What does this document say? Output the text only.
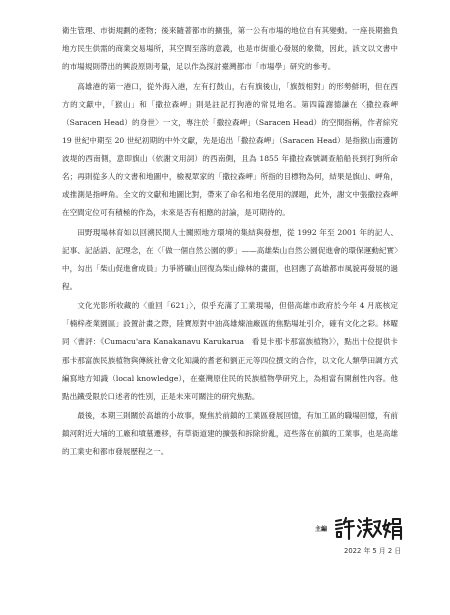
衛生管理、市街規劃的產物；後來隨著都市的擴張，第一公有市場的地位自有其變動。一座長期擔負地方民生供需的商業交易場所，其空間至落的意義，也是市街重心發展的象徵，因此，該文以文書中的市場規則帶出的興設原則考量，足以作為探討臺灣都市「市場學」研究的參考。

高雄港的第一港口，從外海入港，左有打鼓山，右有旗後山，「旗鼓相對」的形勢鮮明，但在西方的文獻中，「猴山」和「撒拉森岬」則是註記打狗港的常見地名。第四篇謝德謙在〈撒拉森岬（Saracen Head）的身世〉一文，專注於「撒拉森岬」（Saracen Head）的空間指稱，作者綜究 19 世紀中期至 20 世紀初期的中外文獻，先是追出「撒拉森岬」（Saracen Head）是指猴山南邊防波堤的西南側，意即旗山（依謝文用詞）的西南側，且為 1855 年撒拉森號調查船船長到打狗所命名；再則從多人的文書和地圖中，檢視眾家的「撒拉森岬」所指的目標物為何，結果是旗山、岬角，或推測是指岬角。全文的文獻和地圖比對，帶來了命名和地名使用的課題，此外，謝文中張撒拉森岬在空間定位可有積極的作為，未來是否有相應的討論，是可期待的。

田野現場林育如以回溯民間人士關照地方環境的集結與發想，從 1992 年至 2001 年的記人、記事、記話語、記理念，在〈「做一個自然公園的夢」——高雄柴山自然公園促進會的環保運動紀實〉中，勾出「柴山促進會成員」力爭將礦山回復為柴山綠林的畫面，也回應了高雄都市風貌再發展的過程。

文化光影所收藏的〈重回「621」〉，似乎充滿了工業現場，但借高雄市政府於今年 4 月底核定「楠梓產業園區」設置計畫之際，陸寶原對中油高雄煉油廠區的焦點場址引介，確有文化之彩。林曜同〈書評：《Cumacu'ara Kanakanavu Karukarua　看見卡那卡那富族植物》〉，點出十位提供卡那卡那富族民族植物與傳統社會文化知識的耆老和劉正元等四位撰文的合作，以文化人類學田調方式編寫地方知識（local knowledge），在臺灣原住民的民族植物學研究上，為相當有開創性內容。他點出鐵受限於口述者的性別，正是未來可關注的研究焦點。

最後，本期三則關於高雄的小故事，聚焦於前鎮的工業區發展回憶，有加工區的職場回憶，有前鎮河附近大埔的工廠和墳墓遷移，有草衙道建的擴張和拆除紛亂，這些落在前鎮的工業事，也是高雄的工業史和都市發展歷程之一。

主編
2022 年 5 月 2 日
